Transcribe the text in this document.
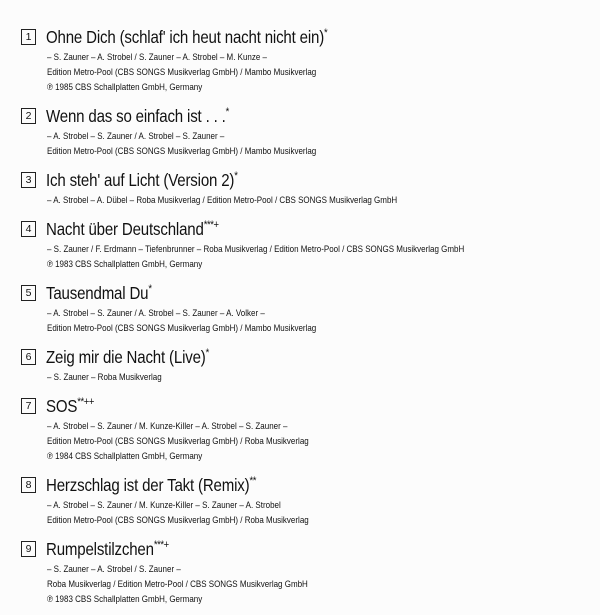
1 Ohne Dich (schlaf' ich heut nacht nicht ein)*
– S. Zauner – A. Strobel / S. Zauner – A. Strobel – M. Kunze –
Edition Metro-Pool (CBS SONGS Musikverlag GmbH) / Mambo Musikverlag
℗ 1985 CBS Schallplatten GmbH, Germany
2 Wenn das so einfach ist . . .*
– A. Strobel – S. Zauner / A. Strobel – S. Zauner –
Edition Metro-Pool (CBS SONGS Musikverlag GmbH) / Mambo Musikverlag
3 Ich steh' auf Licht (Version 2)*
– A. Strobel – A. Dübel – Roba Musikverlag / Edition Metro-Pool / CBS SONGS Musikverlag GmbH
4 Nacht über Deutschland***+
– S. Zauner / F. Erdmann – Tiefenbrunner – Roba Musikverlag / Edition Metro-Pool / CBS SONGS Musikverlag GmbH
℗ 1983 CBS Schallplatten GmbH, Germany
5 Tausendmal Du*
– A. Strobel – S. Zauner / A. Strobel – S. Zauner – A. Volker –
Edition Metro-Pool (CBS SONGS Musikverlag GmbH) / Mambo Musikverlag
6 Zeig mir die Nacht (Live)*
– S. Zauner – Roba Musikverlag
7 SOS**++
– A. Strobel – S. Zauner / M. Kunze-Killer – A. Strobel – S. Zauner –
Edition Metro-Pool (CBS SONGS Musikverlag GmbH) / Roba Musikverlag
℗ 1984 CBS Schallplatten GmbH, Germany
8 Herzschlag ist der Takt (Remix)**
– A. Strobel – S. Zauner / M. Kunze-Killer – S. Zauner – A. Strobel
Edition Metro-Pool (CBS SONGS Musikverlag GmbH) / Roba Musikverlag
9 Rumpelstilzchen***+
– S. Zauner – A. Strobel / S. Zauner –
Roba Musikverlag / Edition Metro-Pool / CBS SONGS Musikverlag GmbH
℗ 1983 CBS Schallplatten GmbH, Germany
